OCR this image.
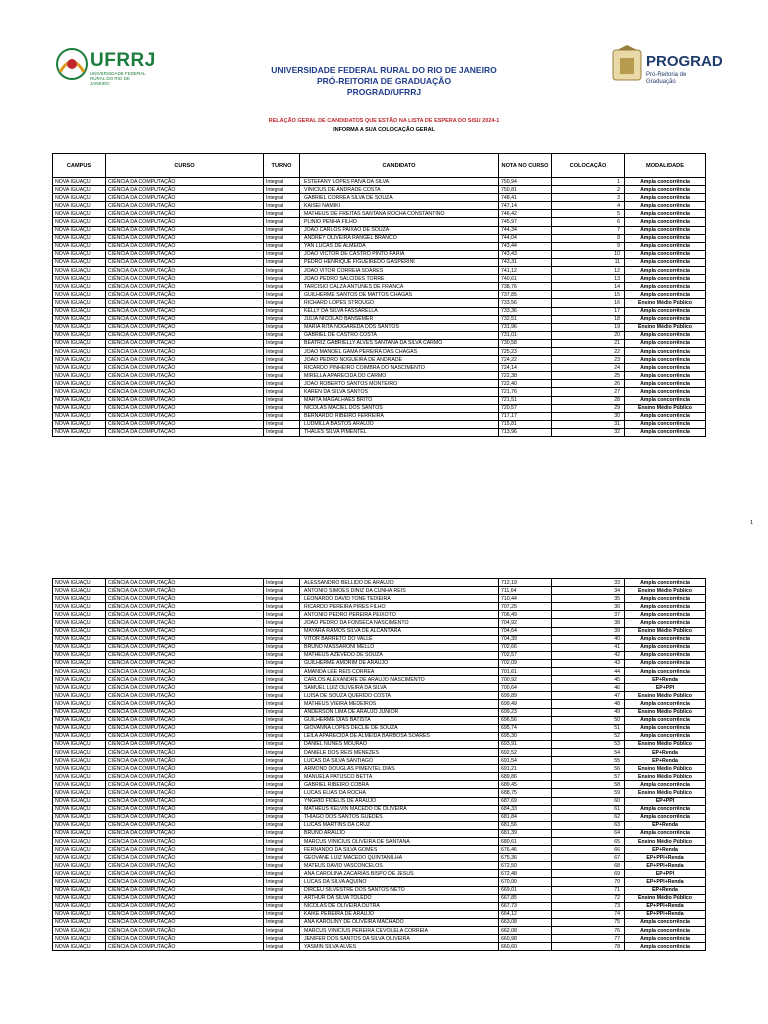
UFRRJ
UNIVERSIDADE FEDERAL RURAL DO RIO DE JANEIRO
PROGRAD
Pró-Reitoria de Graduação
UNIVERSIDADE FEDERAL RURAL DO RIO DE JANEIRO
PRÓ-REITORIA DE GRADUAÇÃO
PROGRAD/UFRRJ
RELAÇÃO GERAL DE CANDIDATOS QUE ESTÃO NA LISTA DE ESPERA DO SISU 2024-1
INFORMA A SUA COLOCAÇÃO GERAL
CAMPUS	CURSO	TURNO	CANDIDATO	NOTA NO CURSO	COLOCAÇÃO	MODALIDADE
NOVA IGUAÇU	CIÊNCIA DA COMPUTAÇÃO	Integral	ESTEFANY LOPES PAIVA DA SILVA	750,94	1	Ampla concorrência
NOVA IGUAÇU	CIÊNCIA DA COMPUTAÇÃO	Integral	VINICIUS DE ANDRADE COSTA	750,81	2	Ampla concorrência
NOVA IGUAÇU	CIÊNCIA DA COMPUTAÇÃO	Integral	GABRIEL CORREA SILVA DE SOUZA	748,41	3	Ampla concorrência
NOVA IGUAÇU	CIÊNCIA DA COMPUTAÇÃO	Integral	KAISEI NAMIKI	747,14	4	Ampla concorrência
NOVA IGUAÇU	CIÊNCIA DA COMPUTAÇÃO	Integral	MATHEUS DE FREITAS SANTANA ROCHA CONSTANTINO	746,42	5	Ampla concorrência
NOVA IGUAÇU	CIÊNCIA DA COMPUTAÇÃO	Integral	PLINIO PENHA FILHO	745,97	6	Ampla concorrência
NOVA IGUAÇU	CIÊNCIA DA COMPUTAÇÃO	Integral	JOAO CARLOS PAIXAO DE SOUZA	744,34	7	Ampla concorrência
NOVA IGUAÇU	CIÊNCIA DA COMPUTAÇÃO	Integral	ANDREY OLIVEIRA RANGEL BRANCO	744,04	8	Ampla concorrência
NOVA IGUAÇU	CIÊNCIA DA COMPUTAÇÃO	Integral	YAN LUCAS DE ALMEIDA	743,44	9	Ampla concorrência
NOVA IGUAÇU	CIÊNCIA DA COMPUTAÇÃO	Integral	JOAO VICTOR DE CASTRO PINTO FARIA	743,43	10	Ampla concorrência
NOVA IGUAÇU	CIÊNCIA DA COMPUTAÇÃO	Integral	PEDRO HENRIQUE FIGUEIREDO GASPERINI	743,31	11	Ampla concorrência
NOVA IGUAÇU	CIÊNCIA DA COMPUTAÇÃO	Integral	JOAO VITOR CORREIA SOARES	741,12	12	Ampla concorrência
NOVA IGUAÇU	CIÊNCIA DA COMPUTAÇÃO	Integral	JOAO PEDRO SALCIDES TORRE	740,61	13	Ampla concorrência
NOVA IGUAÇU	CIÊNCIA DA COMPUTAÇÃO	Integral	TARCISIO CALZA ANTUNES DE FRANCA	738,76	14	Ampla concorrência
NOVA IGUAÇU	CIÊNCIA DA COMPUTAÇÃO	Integral	GUILHERME SANTOS DE MATTOS CHAGAS	737,85	15	Ampla concorrência
NOVA IGUAÇU	CIÊNCIA DA COMPUTAÇÃO	Integral	RICHARD LOPES STROUGO	733,56	16	Ensino Médio Público
NOVA IGUAÇU	CIÊNCIA DA COMPUTAÇÃO	Integral	KELLY DA SILVA FASSARELLA	733,36	17	Ampla concorrência
NOVA IGUAÇU	CIÊNCIA DA COMPUTAÇÃO	Integral	JULIA NICOLAO BANSEMER	732,51	18	Ampla concorrência
NOVA IGUAÇU	CIÊNCIA DA COMPUTAÇÃO	Integral	MARIA RITA NOGAREDA DOS SANTOS	731,96	19	Ensino Médio Público
NOVA IGUAÇU	CIÊNCIA DA COMPUTAÇÃO	Integral	GABRIEL DE CASTRO COSTA	731,01	20	Ampla concorrência
NOVA IGUAÇU	CIÊNCIA DA COMPUTAÇÃO	Integral	BEATRIZ GABRIELLY ALVES SANTANA DA SILVA CARMO	730,58	21	Ampla concorrência
NOVA IGUAÇU	CIÊNCIA DA COMPUTAÇÃO	Integral	JOAO MANOEL GAMA PEREIRA DAS CHAGAS	725,23	22	Ampla concorrência
NOVA IGUAÇU	CIÊNCIA DA COMPUTAÇÃO	Integral	JOAO PEDRO NOGUEIRA DE ANDRADE	724,22	23	Ampla concorrência
NOVA IGUAÇU	CIÊNCIA DA COMPUTAÇÃO	Integral	RICARDO PINHEIRO COIMBRA DO NASCIMENTO	724,14	24	Ampla concorrência
NOVA IGUAÇU	CIÊNCIA DA COMPUTAÇÃO	Integral	MIRELLA APARECIDA DO CARMO	722,38	25	Ampla concorrência
NOVA IGUAÇU	CIÊNCIA DA COMPUTAÇÃO	Integral	JOAO ROBERTO SANTOS MONTEIRO	722,40	26	Ampla concorrência
NOVA IGUAÇU	CIÊNCIA DA COMPUTAÇÃO	Integral	KAREN DA SILVA SANTOS	721,76	27	Ampla concorrência
NOVA IGUAÇU	CIÊNCIA DA COMPUTAÇÃO	Integral	MARTA MAGALHAES BRITO	721,51	28	Ampla concorrência
NOVA IGUAÇU	CIÊNCIA DA COMPUTAÇÃO	Integral	NICOLAS MACIEL DOS SANTOS	720,57	29	Ensino Médio Público
NOVA IGUAÇU	CIÊNCIA DA COMPUTAÇÃO	Integral	BERNARDO RIBEIRO FERREIRA	717,17	30	Ampla concorrência
NOVA IGUAÇU	CIÊNCIA DA COMPUTAÇÃO	Integral	LUDMILLA BASTOS ARAUJO	715,81	31	Ampla concorrência
NOVA IGUAÇU	CIÊNCIA DA COMPUTAÇÃO	Integral	THALES SILVA PIMENTEL	713,96	32	Ampla concorrência
1
NOVA IGUAÇU	CIÊNCIA DA COMPUTAÇÃO	Integral	ALESSANDRO BELLIDO DE ARAUJO	712,19	33	Ampla concorrência
NOVA IGUAÇU	CIÊNCIA DA COMPUTAÇÃO	Integral	ANTONIO SIMOES DINIZ DA CUNHA REIS	711,64	34	Ensino Médio Público
NOVA IGUAÇU	CIÊNCIA DA COMPUTAÇÃO	Integral	LEONARDO DAVID TONE TEIXEIRA	710,44	35	Ampla concorrência
NOVA IGUAÇU	CIÊNCIA DA COMPUTAÇÃO	Integral	RICARDO PEREIRA PIRES FILHO	707,25	36	Ampla concorrência
NOVA IGUAÇU	CIÊNCIA DA COMPUTAÇÃO	Integral	ANTONIO PEDRO PEREIRA PEIXOTO	706,49	37	Ampla concorrência
NOVA IGUAÇU	CIÊNCIA DA COMPUTAÇÃO	Integral	JOAO PEDRO DA FONSECA NASCIMENTO	704,92	38	Ampla concorrência
NOVA IGUAÇU	CIÊNCIA DA COMPUTAÇÃO	Integral	MAYARA RAMOS SILVA DE ALCANTARA	704,64	39	Ensino Médio Público
NOVA IGUAÇU	CIÊNCIA DA COMPUTAÇÃO	Integral	VITOR BARRETO DO VALLE	704,39	40	Ampla concorrência
NOVA IGUAÇU	CIÊNCIA DA COMPUTAÇÃO	Integral	BRUNO MASSARONI MELLO	702,66	41	Ampla concorrência
NOVA IGUAÇU	CIÊNCIA DA COMPUTAÇÃO	Integral	MATHEUS AZEVEDO DE SOUZA	702,57	42	Ampla concorrência
NOVA IGUAÇU	CIÊNCIA DA COMPUTAÇÃO	Integral	GUILHERME AMORIM DE ARAUJO	702,09	43	Ampla concorrência
NOVA IGUAÇU	CIÊNCIA DA COMPUTAÇÃO	Integral	AMANDA LEE REIS CORREA	701,61	44	Ampla concorrência
NOVA IGUAÇU	CIÊNCIA DA COMPUTAÇÃO	Integral	CARLOS ALEXANDRE DE ARAUJO NASCIMENTO	700,92	45	EP+Renda
NOVA IGUAÇU	CIÊNCIA DA COMPUTAÇÃO	Integral	SAMUEL LUIZ OLIVEIRA DA SILVA	700,64	46	EP+PPI
NOVA IGUAÇU	CIÊNCIA DA COMPUTAÇÃO	Integral	LUISA DE SOUZA QUERIDO COSTA	699,89	47	Ensino Médio Público
NOVA IGUAÇU	CIÊNCIA DA COMPUTAÇÃO	Integral	MATHEUS VIEIRA MEDEIROS	699,49	48	Ampla concorrência
NOVA IGUAÇU	CIÊNCIA DA COMPUTAÇÃO	Integral	ANDERSON LIMA DE ARAUJO JUNIOR	699,23	49	Ensino Médio Público
NOVA IGUAÇU	CIÊNCIA DA COMPUTAÇÃO	Integral	GUILHERME DIAS BATISTA	696,56	50	Ampla concorrência
NOVA IGUAÇU	CIÊNCIA DA COMPUTAÇÃO	Integral	GIOVANNA LOPES DECLIE DE SOUZA	695,74	51	Ampla concorrência
NOVA IGUAÇU	CIÊNCIA DA COMPUTAÇÃO	Integral	LEILA APARECIDA DE ALMEIDA BARBOSA SOARES	695,30	52	Ampla concorrência
NOVA IGUAÇU	CIÊNCIA DA COMPUTAÇÃO	Integral	DANIEL NUNES MOURAO	693,91	53	Ensino Médio Público
NOVA IGUAÇU	CIÊNCIA DA COMPUTAÇÃO	Integral	DANIELE DOS REIS MENEZES	692,52	54	EP+Renda
NOVA IGUAÇU	CIÊNCIA DA COMPUTAÇÃO	Integral	LUCAS DA SILVA SANTIAGO	691,54	55	EP+Renda
NOVA IGUAÇU	CIÊNCIA DA COMPUTAÇÃO	Integral	ARMOND DOUGLAS PIMENTEL DIAS	691,21	56	Ensino Médio Público
NOVA IGUAÇU	CIÊNCIA DA COMPUTAÇÃO	Integral	MANUELA PATUSCO BETTA	689,86	57	Ensino Médio Público
NOVA IGUAÇU	CIÊNCIA DA COMPUTAÇÃO	Integral	GABRIEL RIBEIRO COBRA	689,45	58	Ampla concorrência
NOVA IGUAÇU	CIÊNCIA DA COMPUTAÇÃO	Integral	LUCAS ELIAS DA ROCHA	688,75	59	Ensino Médio Público
NOVA IGUAÇU	CIÊNCIA DA COMPUTAÇÃO	Integral	YNGRID FIDELIS DE ARAUJO	687,69	60	EP+PPI
NOVA IGUAÇU	CIÊNCIA DA COMPUTAÇÃO	Integral	MATHEUS KELVIN MACEDO DE OLIVEIRA	684,33	61	Ampla concorrência
NOVA IGUAÇU	CIÊNCIA DA COMPUTAÇÃO	Integral	THIAGO DOS SANTOS GUEDES	681,84	62	Ampla concorrência
NOVA IGUAÇU	CIÊNCIA DA COMPUTAÇÃO	Integral	LUCAS MARTINS DA CRUZ	681,56	63	EP+Renda
NOVA IGUAÇU	CIÊNCIA DA COMPUTAÇÃO	Integral	BRUNO ARAUJO	681,39	64	Ampla concorrência
NOVA IGUAÇU	CIÊNCIA DA COMPUTAÇÃO	Integral	MARCUS VINICIUS OLIVEIRA DE SANTANA	680,61	65	Ensino Médio Público
NOVA IGUAÇU	CIÊNCIA DA COMPUTAÇÃO	Integral	FERNANDO DA SILVA GOMES	676,46	66	EP+Renda
NOVA IGUAÇU	CIÊNCIA DA COMPUTAÇÃO	Integral	GEOVANE LUIZ MACEDO QUINTANILHA	675,36	67	EP+PPI+Renda
NOVA IGUAÇU	CIÊNCIA DA COMPUTAÇÃO	Integral	MATEUS DAVID VASCONCELOS	672,50	68	EP+PPI+Renda
NOVA IGUAÇU	CIÊNCIA DA COMPUTAÇÃO	Integral	ANA CAROLINA ZACARIAS BISPO DE JESUS	672,48	69	EP+PPI
NOVA IGUAÇU	CIÊNCIA DA COMPUTAÇÃO	Integral	LUCAS DA SILVA AQUINO	670,00	70	EP+PPI+Renda
NOVA IGUAÇU	CIÊNCIA DA COMPUTAÇÃO	Integral	DIRCEU SILVESTRE DOS SANTOS NETO	669,01	71	EP+Renda
NOVA IGUAÇU	CIÊNCIA DA COMPUTAÇÃO	Integral	ARTHUR DA SILVA TOLEDO	667,85	72	Ensino Médio Público
NOVA IGUAÇU	CIÊNCIA DA COMPUTAÇÃO	Integral	NICOLAS DE OLIVEIRA DUTRA	667,73	73	EP+PPI+Renda
NOVA IGUAÇU	CIÊNCIA DA COMPUTAÇÃO	Integral	KAIKE PEREIRA DE ARAUJO	664,12	74	EP+PPI+Renda
NOVA IGUAÇU	CIÊNCIA DA COMPUTAÇÃO	Integral	ANA KAROLINY DE OLIVEIRA MACHADO	663,08	75	Ampla concorrência
NOVA IGUAÇU	CIÊNCIA DA COMPUTAÇÃO	Integral	MARCUS VINICIUS PEREIRA CEVOLELA CORREIA	662,08	76	Ampla concorrência
NOVA IGUAÇU	CIÊNCIA DA COMPUTAÇÃO	Integral	JENIFER DOS SANTOS DA SILVA OLIVEIRA	660,98	77	Ampla concorrência
NOVA IGUAÇU	CIÊNCIA DA COMPUTAÇÃO	Integral	YASMIN SILVA ALVES	660,60	78	Ampla concorrência
